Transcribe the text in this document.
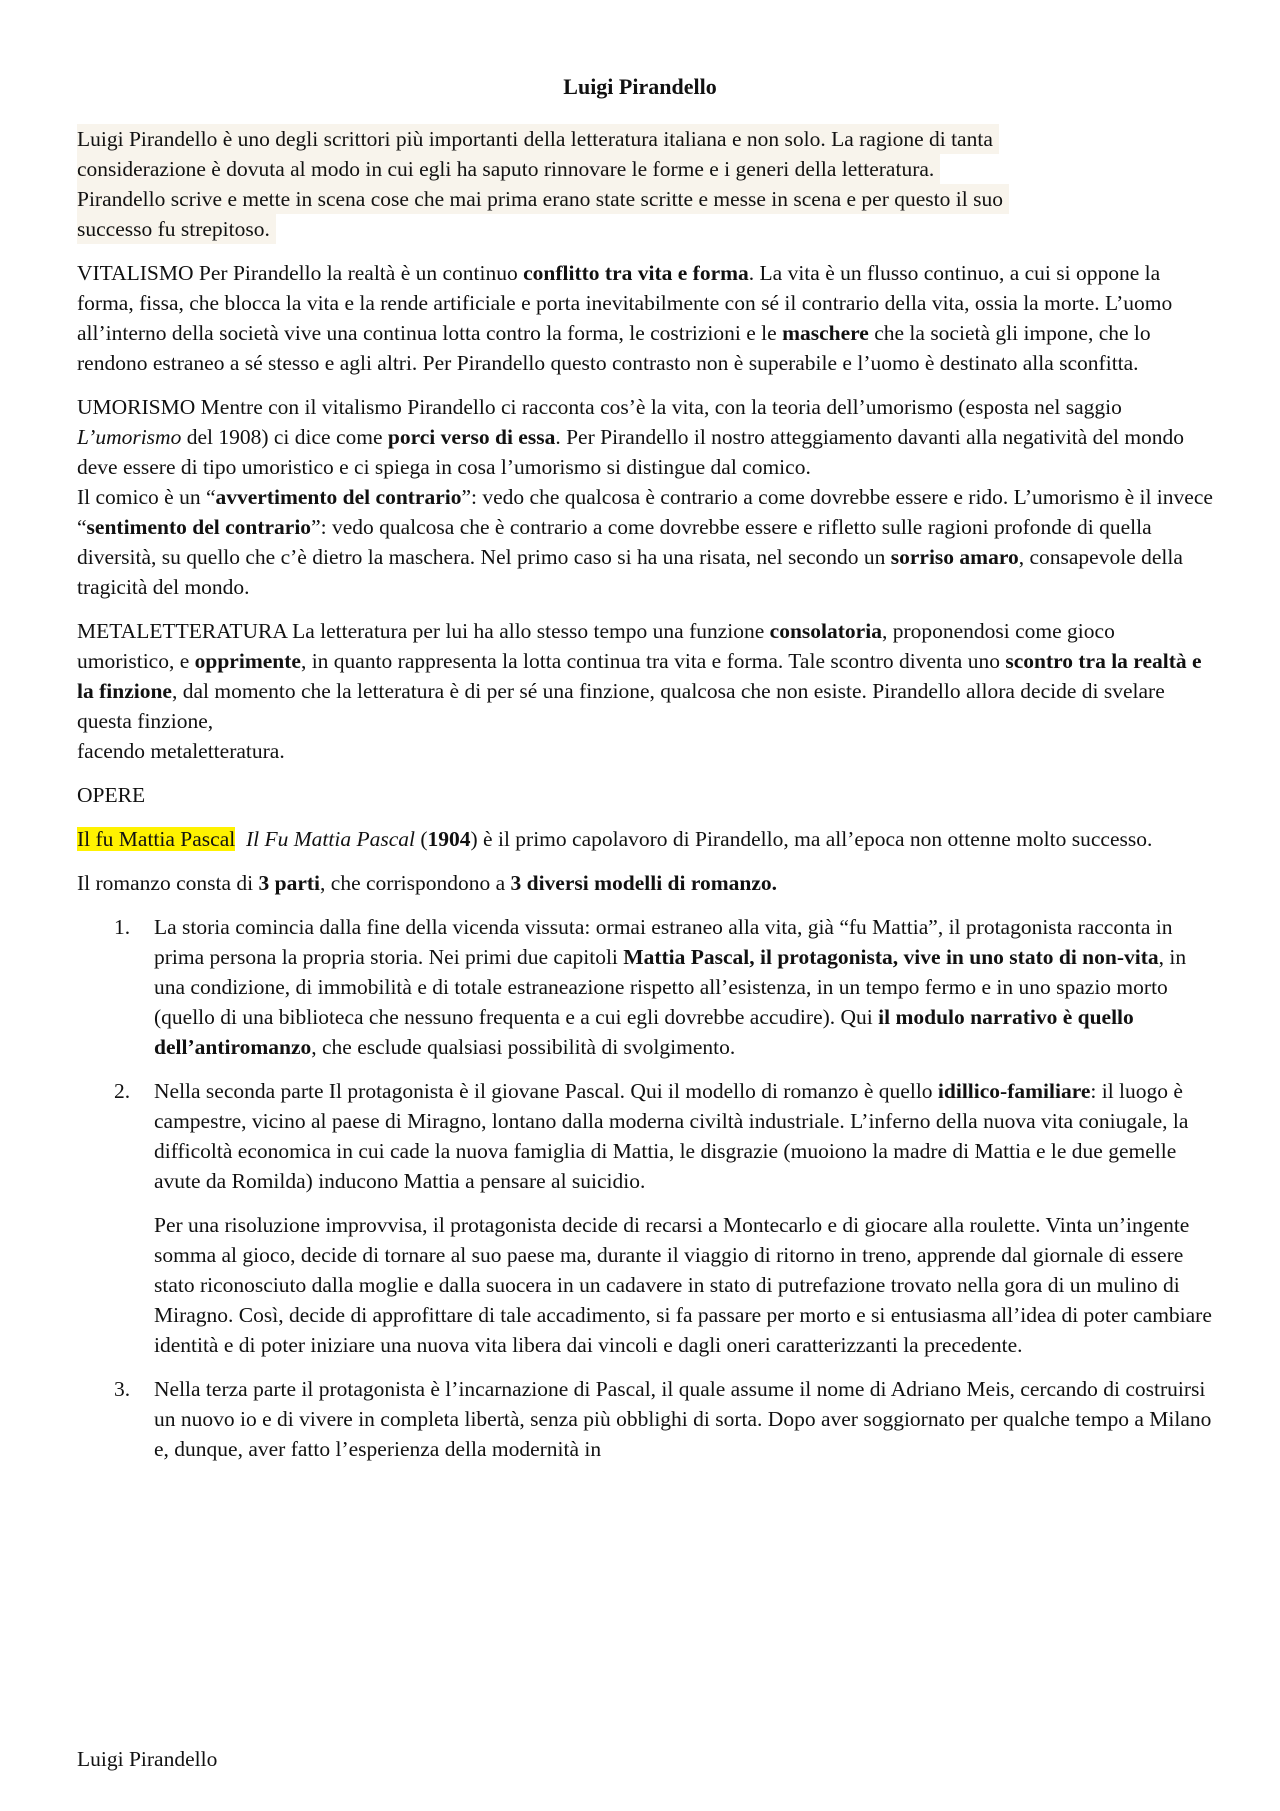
Luigi Pirandello

Luigi Pirandello è uno degli scrittori più importanti della letteratura italiana e non solo. La ragione di tanta
considerazione è dovuta al modo in cui egli ha saputo rinnovare le forme e i generi della letteratura.
Pirandello scrive e mette in scena cose che mai prima erano state scritte e messe in scena e per questo il suo
successo fu strepitoso.

VITALISMO Per Pirandello la realtà è un continuo conflitto tra vita e forma. La vita è un flusso continuo, a cui si oppone la forma, fissa, che blocca la vita e la rende artificiale e porta inevitabilmente con sé il contrario della vita, ossia la morte. L’uomo all’interno della società vive una continua lotta contro la forma, le costrizioni e le maschere che la società gli impone, che lo rendono estraneo a sé stesso e agli altri. Per Pirandello questo contrasto non è superabile e l’uomo è destinato alla sconfitta.

UMORISMO Mentre con il vitalismo Pirandello ci racconta cos’è la vita, con la teoria dell’umorismo (esposta nel saggio L’umorismo del 1908) ci dice come porci verso di essa. Per Pirandello il nostro atteggiamento davanti alla negatività del mondo deve essere di tipo umoristico e ci spiega in cosa l’umorismo si distingue dal comico.
Il comico è un “avvertimento del contrario”: vedo che qualcosa è contrario a come dovrebbe essere e rido. L’umorismo è il invece “sentimento del contrario”: vedo qualcosa che è contrario a come dovrebbe essere e rifletto sulle ragioni profonde di quella diversità, su quello che c’è dietro la maschera. Nel primo caso si ha una risata, nel secondo un sorriso amaro, consapevole della tragicità del mondo.

METALETTERATURA La letteratura per lui ha allo stesso tempo una funzione consolatoria, proponendosi come gioco umoristico, e opprimente, in quanto rappresenta la lotta continua tra vita e forma. Tale scontro diventa uno scontro tra la realtà e la finzione, dal momento che la letteratura è di per sé una finzione, qualcosa che non esiste. Pirandello allora decide di svelare questa finzione,
facendo metaletteratura.

OPERE

Il fu Mattia Pascal Il Fu Mattia Pascal (1904) è il primo capolavoro di Pirandello, ma all’epoca non ottenne molto successo.

Il romanzo consta di 3 parti, che corrispondono a 3 diversi modelli di romanzo.

1. La storia comincia dalla fine della vicenda vissuta: ormai estraneo alla vita, già “fu Mattia”, il protagonista racconta in prima persona la propria storia. Nei primi due capitoli Mattia Pascal, il protagonista, vive in uno stato di non-vita, in una condizione, di immobilità e di totale estraneazione rispetto all’esistenza, in un tempo fermo e in uno spazio morto (quello di una biblioteca che nessuno frequenta e a cui egli dovrebbe accudire). Qui il modulo narrativo è quello dell’antiromanzo, che esclude qualsiasi possibilità di svolgimento.
2. Nella seconda parte Il protagonista è il giovane Pascal. Qui il modello di romanzo è quello idillico-familiare: il luogo è campestre, vicino al paese di Miragno, lontano dalla moderna civiltà industriale. L’inferno della nuova vita coniugale, la difficoltà economica in cui cade la nuova famiglia di Mattia, le disgrazie (muoiono la madre di Mattia e le due gemelle avute da Romilda) inducono Mattia a pensare al suicidio.

Per una risoluzione improvvisa, il protagonista decide di recarsi a Montecarlo e di giocare alla roulette. Vinta un’ingente somma al gioco, decide di tornare al suo paese ma, durante il viaggio di ritorno in treno, apprende dal giornale di essere stato riconosciuto dalla moglie e dalla suocera in un cadavere in stato di putrefazione trovato nella gora di un mulino di Miragno. Così, decide di approfittare di tale accadimento, si fa passare per morto e si entusiasma all’idea di poter cambiare identità e di poter iniziare una nuova vita libera dai vincoli e dagli oneri caratterizzanti la precedente.

3. Nella terza parte il protagonista è l’incarnazione di Pascal, il quale assume il nome di Adriano Meis, cercando di costruirsi un nuovo io e di vivere in completa libertà, senza più obblighi di sorta. Dopo aver soggiornato per qualche tempo a Milano e, dunque, aver fatto l’esperienza della modernità in
Luigi Pirandello
